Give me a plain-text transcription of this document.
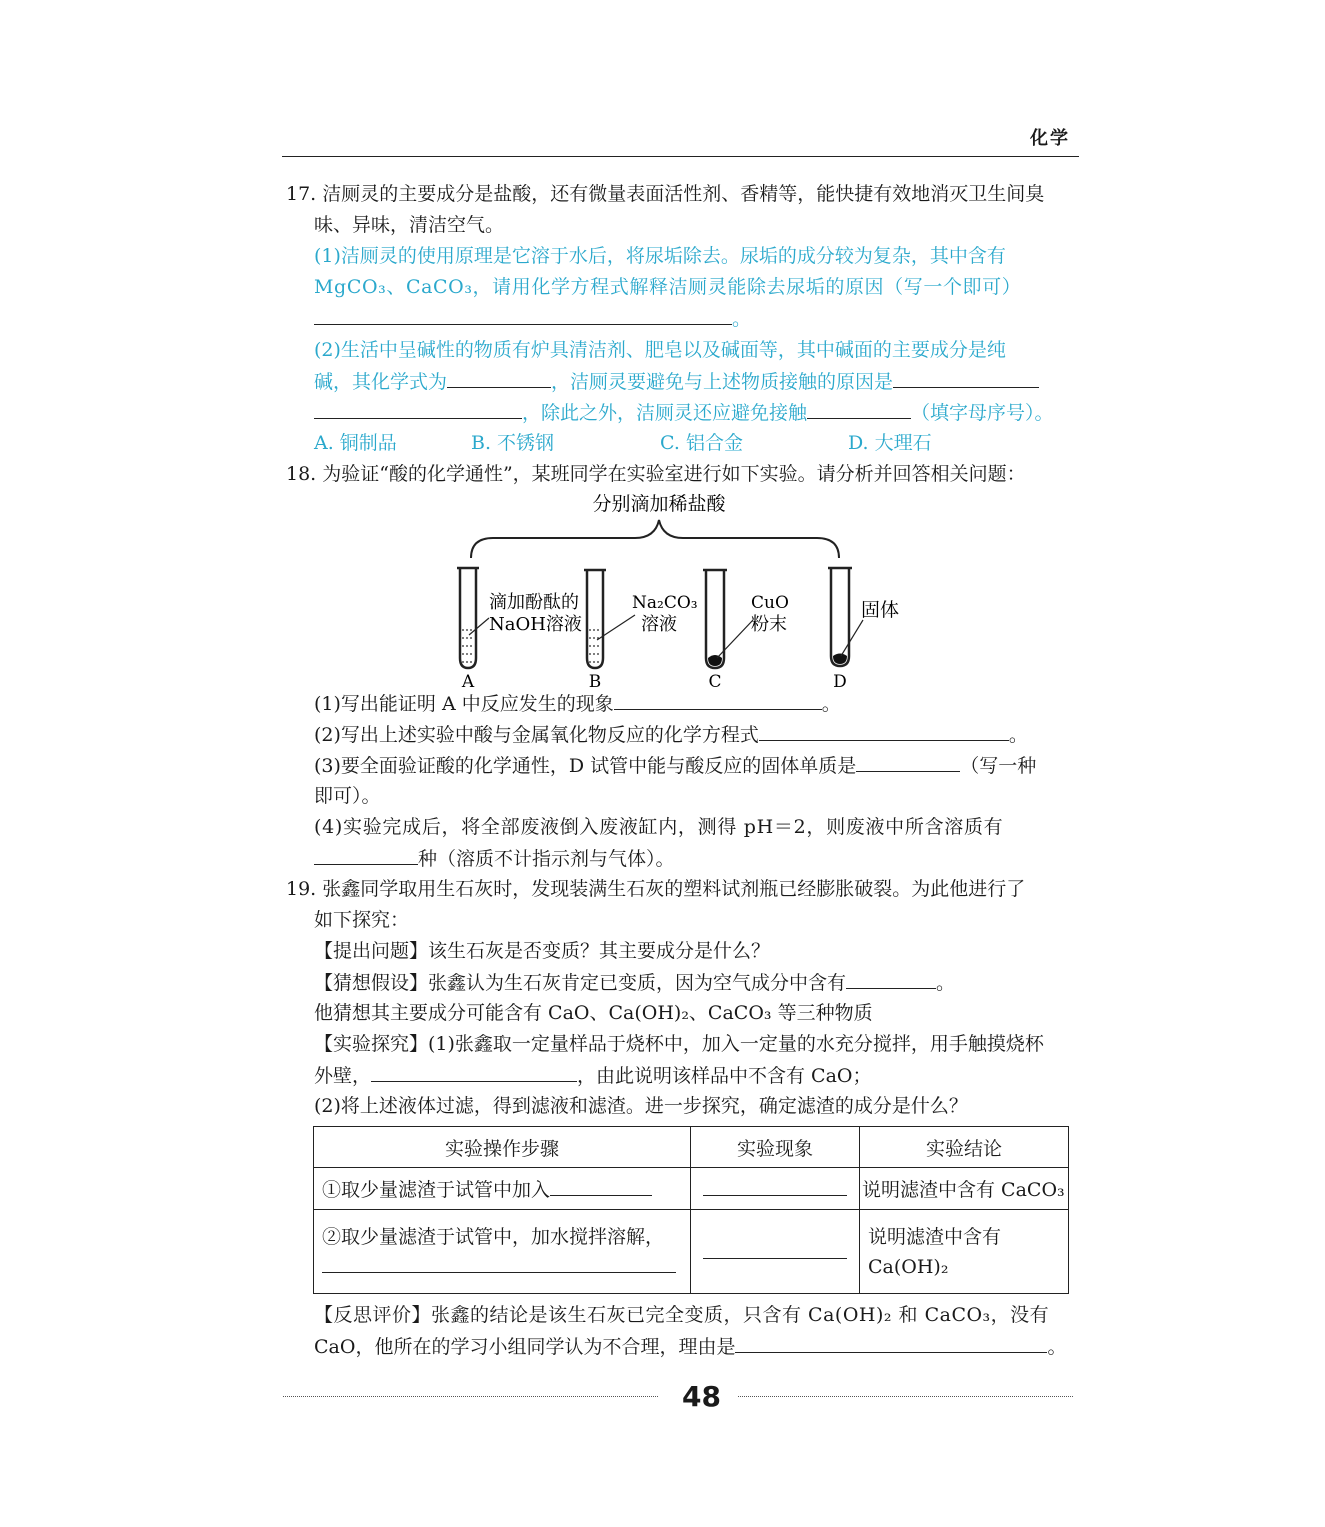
化学
17. 洁厕灵的主要成分是盐酸，还有微量表面活性剂、香精等，能快捷有效地消灭卫生间臭
味、异味，清洁空气。
(1)洁厕灵的使用原理是它溶于水后，将尿垢除去。尿垢的成分较为复杂，其中含有
MgCO₃、CaCO₃，请用化学方程式解释洁厕灵能除去尿垢的原因（写一个即可）
。
(2)生活中呈碱性的物质有炉具清洁剂、肥皂以及碱面等，其中碱面的主要成分是纯
碱，其化学式为	，洁厕灵要避免与上述物质接触的原因是
，除此之外，洁厕灵还应避免接触	（填字母序号）。
A. 铜制品	B. 不锈钢	C. 铝合金	D. 大理石
18. 为验证“酸的化学通性”，某班同学在实验室进行如下实验。请分析并回答相关问题：
分别滴加稀盐酸
滴加酚酞的
NaOH溶液
A
Na₂CO₃
溶液
B
CuO
粉末
C
固体
D
(1)写出能证明 A 中反应发生的现象	。
(2)写出上述实验中酸与金属氧化物反应的化学方程式	。
(3)要全面验证酸的化学通性，D 试管中能与酸反应的固体单质是	（写一种
即可）。
(4)实验完成后，将全部废液倒入废液缸内，测得 pH＝2，则废液中所含溶质有
种（溶质不计指示剂与气体）。
19. 张鑫同学取用生石灰时，发现装满生石灰的塑料试剂瓶已经膨胀破裂。为此他进行了
如下探究：
【提出问题】该生石灰是否变质？其主要成分是什么？
【猜想假设】张鑫认为生石灰肯定已变质，因为空气成分中含有	。
他猜想其主要成分可能含有 CaO、Ca(OH)₂、CaCO₃ 等三种物质
【实验探究】(1)张鑫取一定量样品于烧杯中，加入一定量的水充分搅拌，用手触摸烧杯
外壁，	，由此说明该样品中不含有 CaO；
(2)将上述液体过滤，得到滤液和滤渣。进一步探究，确定滤渣的成分是什么？
实验操作步骤	实验现象	实验结论
①取少量滤渣于试管中加入		说明滤渣中含有 CaCO₃

②取少量滤渣于试管中，加水搅拌溶解，		说明滤渣中含有
Ca(OH)₂
【反思评价】张鑫的结论是该生石灰已完全变质，只含有 Ca(OH)₂ 和 CaCO₃，没有
CaO，他所在的学习小组同学认为不合理，理由是	。
48
